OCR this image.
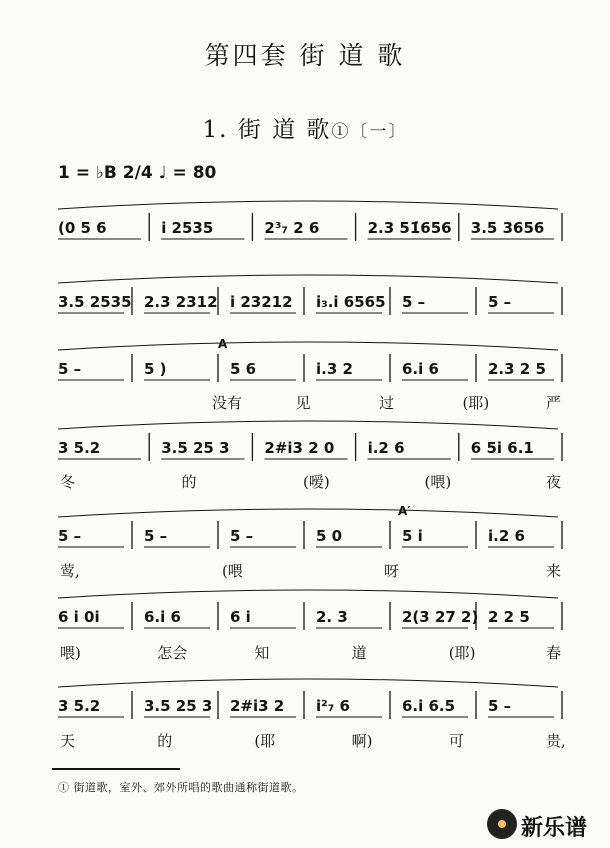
第四套 街 道 歌
1. 街 道 歌①〔一〕
1 = ♭B 2/4 ♩ = 80
(0 5 6	i 2535	2³₇ 2 6	2.3 51̇656 3.5 3656
3.5 2535 2.3 2312 i 23212 i̇₃.i 6565 5 –	5 –
5 –	5 )	5 6	i.3 2	6.i 6	2.3 2 5
A
没有	见	过	(耶)	严
3 5.2	3.5 25 3 2#i3 2 0 i.2 6	6 5i 6.1
冬	的	(嗳)	(喂)	夜
5 –	5 –	5 –	5 0	5 i	i.2 6
A′
莺,	(喂	呀	来
6 i 0i	6.i 6	6 i	2. 3	2(3 27 2) 2 2 5
喂)	怎会	知	道	(耶)	春
3 5.2	3.5 25 3 2#i3 2 i²₇ 6	6.i 6.5 5 –
天	的	(耶	啊)	可	贵,
① 街道歌，室外、郊外所唱的歌曲通称街道歌。
新乐谱
